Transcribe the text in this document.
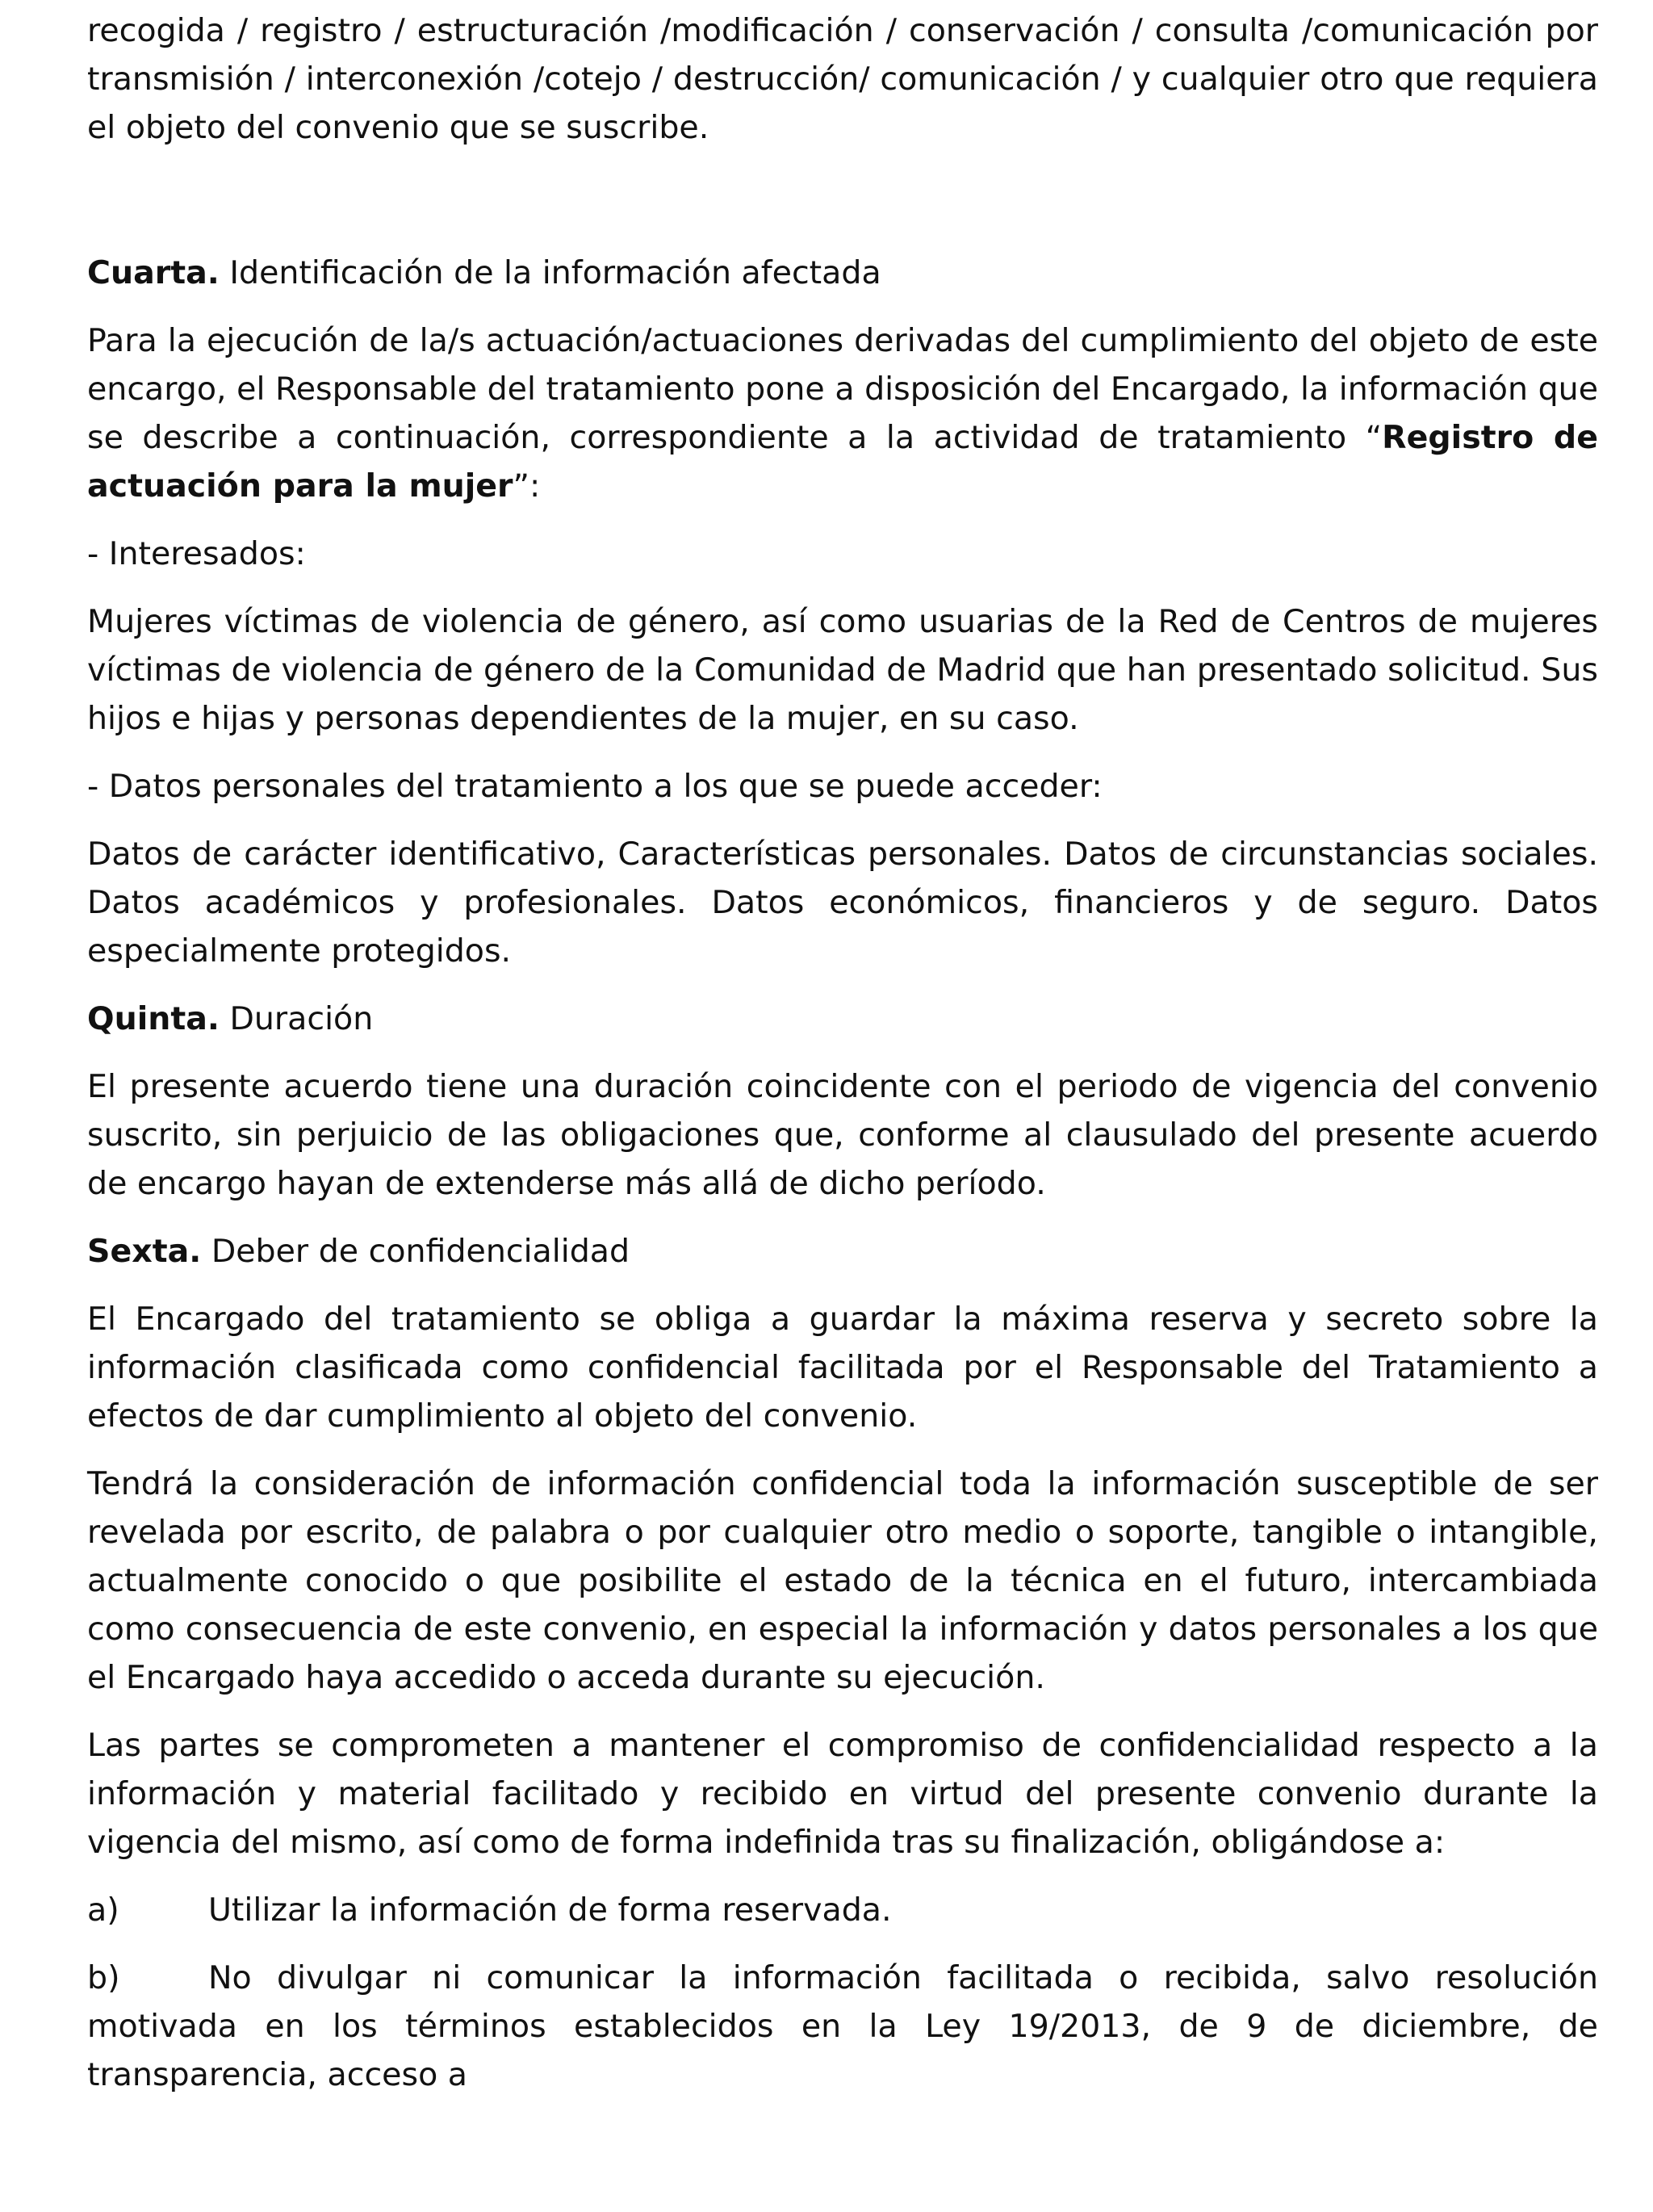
recogida / registro / estructuración /modificación / conservación / consulta /comunicación por transmisión / interconexión /cotejo / destrucción/ comunicación / y cualquier otro que requiera el objeto del convenio que se suscribe.

Cuarta. Identificación de la información afectada

Para la ejecución de la/s actuación/actuaciones derivadas del cumplimiento del objeto de este encargo, el Responsable del tratamiento pone a disposición del Encargado, la información que se describe a continuación, correspondiente a la actividad de tratamiento “Registro de actuación para la mujer”:

- Interesados:

Mujeres víctimas de violencia de género, así como usuarias de la Red de Centros de mujeres víctimas de violencia de género de la Comunidad de Madrid que han presentado solicitud. Sus hijos e hijas y personas dependientes de la mujer, en su caso.

- Datos personales del tratamiento a los que se puede acceder:

Datos de carácter identificativo, Características personales. Datos de circunstancias sociales. Datos académicos y profesionales. Datos económicos, financieros y de seguro. Datos especialmente protegidos.

Quinta. Duración

El presente acuerdo tiene una duración coincidente con el periodo de vigencia del convenio suscrito, sin perjuicio de las obligaciones que, conforme al clausulado del presente acuerdo de encargo hayan de extenderse más allá de dicho período.

Sexta. Deber de confidencialidad

El Encargado del tratamiento se obliga a guardar la máxima reserva y secreto sobre la información clasificada como confidencial facilitada por el Responsable del Tratamiento a efectos de dar cumplimiento al objeto del convenio.

Tendrá la consideración de información confidencial toda la información susceptible de ser revelada por escrito, de palabra o por cualquier otro medio o soporte, tangible o intangible, actualmente conocido o que posibilite el estado de la técnica en el futuro, intercambiada como consecuencia de este convenio, en especial la información y datos personales a los que el Encargado haya accedido o acceda durante su ejecución.

Las partes se comprometen a mantener el compromiso de confidencialidad respecto a la información y material facilitado y recibido en virtud del presente convenio durante la vigencia del mismo, así como de forma indefinida tras su finalización, obligándose a:

a)	Utilizar la información de forma reservada.

b)	No divulgar ni comunicar la información facilitada o recibida, salvo resolución motivada en los términos establecidos en la Ley 19/2013, de 9 de diciembre, de transparencia, acceso a
